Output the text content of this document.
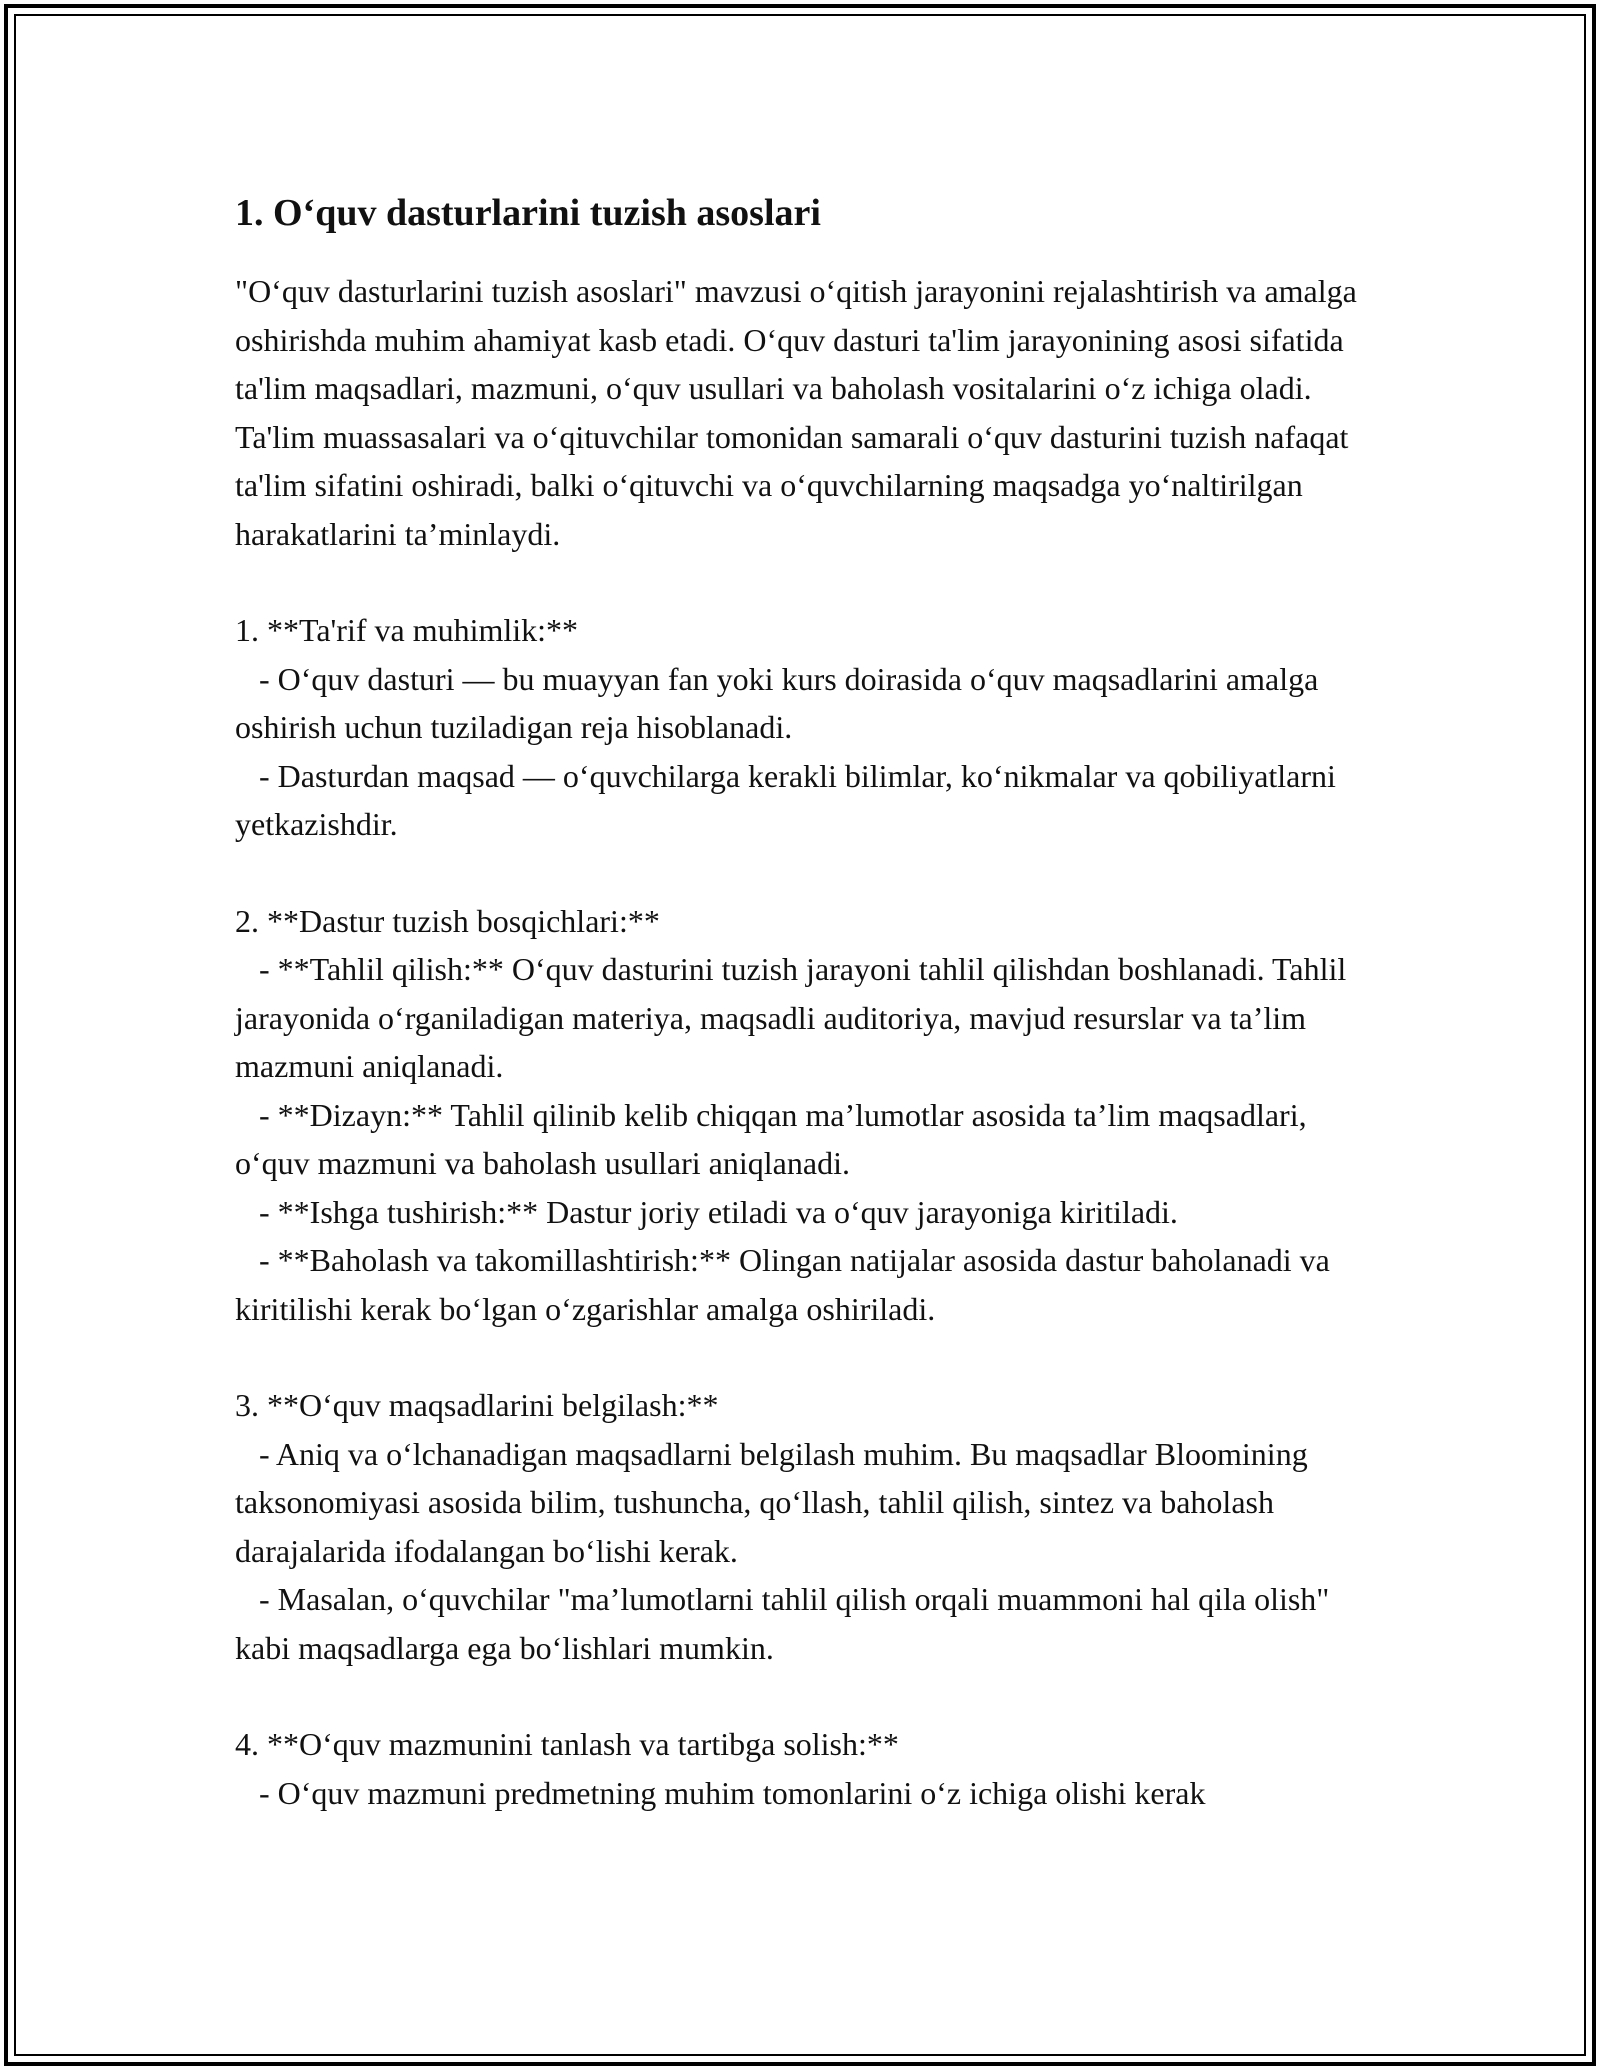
1. O‘quv dasturlarini tuzish asoslari

"O‘quv dasturlarini tuzish asoslari" mavzusi o‘qitish jarayonini rejalashtirish va amalga oshirishda muhim ahamiyat kasb etadi. O‘quv dasturi ta'lim jarayonining asosi sifatida ta'lim maqsadlari, mazmuni, o‘quv usullari va baholash vositalarini o‘z ichiga oladi. Ta'lim muassasalari va o‘qituvchilar tomonidan samarali o‘quv dasturini tuzish nafaqat ta'lim sifatini oshiradi, balki o‘qituvchi va o‘quvchilarning maqsadga yo‘naltirilgan harakatlarini ta’minlaydi.

1. **Ta'rif va muhimlik:**

- O‘quv dasturi — bu muayyan fan yoki kurs doirasida o‘quv maqsadlarini amalga oshirish uchun tuziladigan reja hisoblanadi.

- Dasturdan maqsad — o‘quvchilarga kerakli bilimlar, ko‘nikmalar va qobiliyatlarni yetkazishdir.

2. **Dastur tuzish bosqichlari:**

- **Tahlil qilish:** O‘quv dasturini tuzish jarayoni tahlil qilishdan boshlanadi. Tahlil jarayonida o‘rganiladigan materiya, maqsadli auditoriya, mavjud resurslar va ta’lim mazmuni aniqlanadi.

- **Dizayn:** Tahlil qilinib kelib chiqqan ma’lumotlar asosida ta’lim maqsadlari, o‘quv mazmuni va baholash usullari aniqlanadi.

- **Ishga tushirish:** Dastur joriy etiladi va o‘quv jarayoniga kiritiladi.

- **Baholash va takomillashtirish:** Olingan natijalar asosida dastur baholanadi va kiritilishi kerak bo‘lgan o‘zgarishlar amalga oshiriladi.

3. **O‘quv maqsadlarini belgilash:**

- Aniq va o‘lchanadigan maqsadlarni belgilash muhim. Bu maqsadlar Bloomining taksonomiyasi asosida bilim, tushuncha, qo‘llash, tahlil qilish, sintez va baholash darajalarida ifodalangan bo‘lishi kerak.

- Masalan, o‘quvchilar "ma’lumotlarni tahlil qilish orqali muammoni hal qila olish" kabi maqsadlarga ega bo‘lishlari mumkin.

4. **O‘quv mazmunini tanlash va tartibga solish:**

- O‘quv mazmuni predmetning muhim tomonlarini o‘z ichiga olishi kerak
